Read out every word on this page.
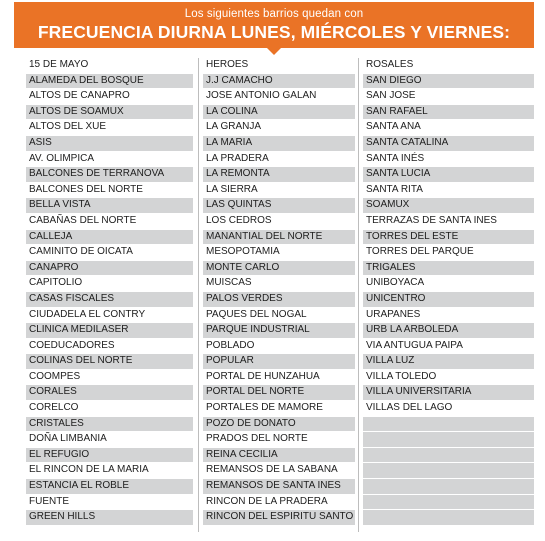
Los siguientes barrios quedan con
FRECUENCIA DIURNA LUNES, MIÉRCOLES Y VIERNES:
15 DE MAYO
ALAMEDA DEL BOSQUE
ALTOS DE CANAPRO
ALTOS DE SOAMUX
ALTOS DEL XUE
ASIS
AV. OLIMPICA
BALCONES DE TERRANOVA
BALCONES DEL NORTE
BELLA VISTA
CABAÑAS DEL NORTE
CALLEJA
CAMINITO DE OICATA
CANAPRO
CAPITOLIO
CASAS FISCALES
CIUDADELA EL CONTRY
CLINICA MEDILASER
COEDUCADORES
COLINAS DEL NORTE
COOMPES
CORALES
CORELCO
CRISTALES
DOÑA LIMBANIA
EL REFUGIO
EL RINCON DE LA MARIA
ESTANCIA EL ROBLE
FUENTE
GREEN HILLS
HEROES
J.J CAMACHO
JOSE ANTONIO GALAN
LA COLINA
LA GRANJA
LA MARIA
LA PRADERA
LA REMONTA
LA SIERRA
LAS QUINTAS
LOS CEDROS
MANANTIAL DEL NORTE
MESOPOTAMIA
MONTE CARLO
MUISCAS
PALOS VERDES
PAQUES DEL NOGAL
PARQUE INDUSTRIAL
POBLADO
POPULAR
PORTAL DE HUNZAHUA
PORTAL DEL NORTE
PORTALES DE MAMORE
POZO DE DONATO
PRADOS DEL NORTE
REINA CECILIA
REMANSOS DE LA SABANA
REMANSOS DE SANTA INES
RINCON DE LA PRADERA
RINCON DEL ESPIRITU SANTO
ROSALES
SAN DIEGO
SAN JOSE
SAN RAFAEL
SANTA ANA
SANTA CATALINA
SANTA INÉS
SANTA LUCIA
SANTA RITA
SOAMUX
TERRAZAS DE SANTA INES
TORRES DEL ESTE
TORRES DEL PARQUE
TRIGALES
UNIBOYACA
UNICENTRO
URAPANES
URB LA ARBOLEDA
VIA ANTUGUA PAIPA
VILLA LUZ
VILLA TOLEDO
VILLA UNIVERSITARIA
VILLAS DEL LAGO
